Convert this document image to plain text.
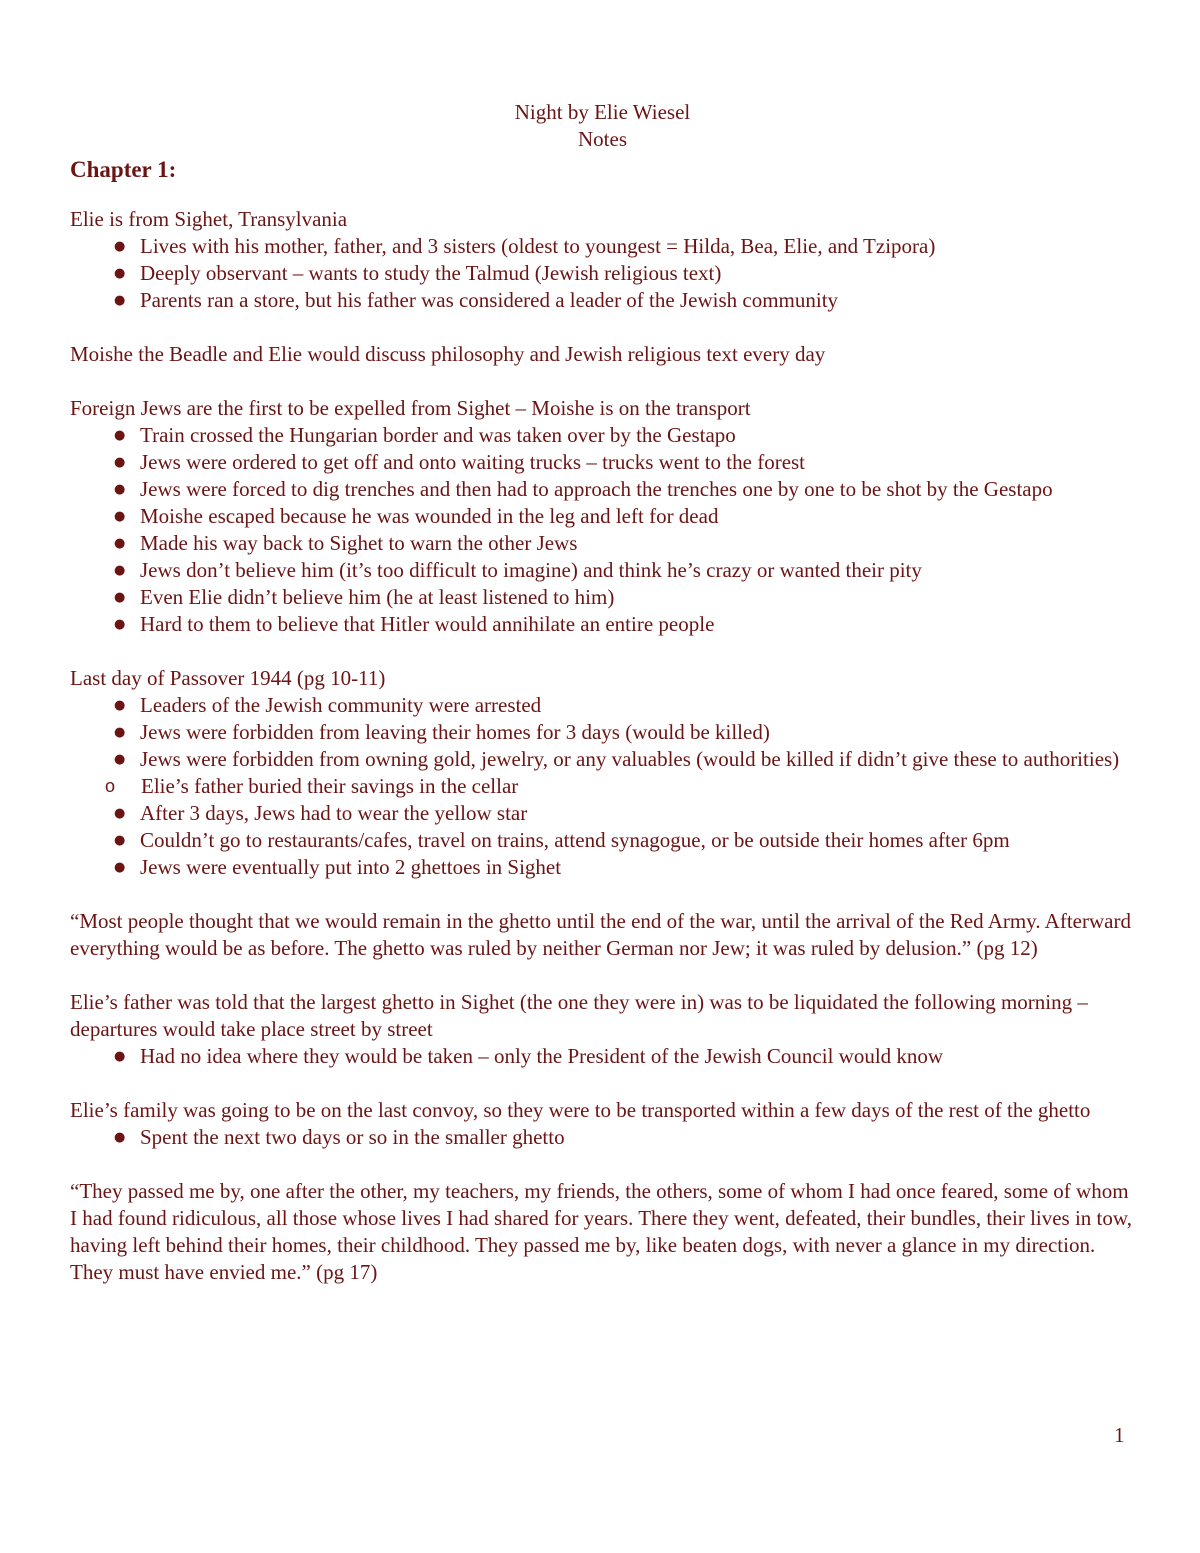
Night by Elie Wiesel
Notes
Chapter 1:

Elie is from Sighet, Transylvania

● Lives with his mother, father, and 3 sisters (oldest to youngest = Hilda, Bea, Elie, and Tzipora)
● Deeply observant – wants to study the Talmud (Jewish religious text)
● Parents ran a store, but his father was considered a leader of the Jewish community

Moishe the Beadle and Elie would discuss philosophy and Jewish religious text every day

Foreign Jews are the first to be expelled from Sighet – Moishe is on the transport

● Train crossed the Hungarian border and was taken over by the Gestapo
● Jews were ordered to get off and onto waiting trucks – trucks went to the forest
● Jews were forced to dig trenches and then had to approach the trenches one by one to be shot by the Gestapo
● Moishe escaped because he was wounded in the leg and left for dead
● Made his way back to Sighet to warn the other Jews
● Jews don’t believe him (it’s too difficult to imagine) and think he’s crazy or wanted their pity
● Even Elie didn’t believe him (he at least listened to him)
● Hard to them to believe that Hitler would annihilate an entire people

Last day of Passover 1944 (pg 10-11)

● Leaders of the Jewish community were arrested
● Jews were forbidden from leaving their homes for 3 days (would be killed)
● Jews were forbidden from owning gold, jewelry, or any valuables (would be killed if didn’t give these to authorities)
o Elie’s father buried their savings in the cellar
● After 3 days, Jews had to wear the yellow star
● Couldn’t go to restaurants/cafes, travel on trains, attend synagogue, or be outside their homes after 6pm
● Jews were eventually put into 2 ghettoes in Sighet

“Most people thought that we would remain in the ghetto until the end of the war, until the arrival of the Red Army. Afterward everything would be as before. The ghetto was ruled by neither German nor Jew; it was ruled by delusion.” (pg 12)

Elie’s father was told that the largest ghetto in Sighet (the one they were in) was to be liquidated the following morning – departures would take place street by street

● Had no idea where they would be taken – only the President of the Jewish Council would know

Elie’s family was going to be on the last convoy, so they were to be transported within a few days of the rest of the ghetto

● Spent the next two days or so in the smaller ghetto

“They passed me by, one after the other, my teachers, my friends, the others, some of whom I had once feared, some of whom I had found ridiculous, all those whose lives I had shared for years. There they went, defeated, their bundles, their lives in tow, having left behind their homes, their childhood. They passed me by, like beaten dogs, with never a glance in my direction. They must have envied me.” (pg 17)

1
